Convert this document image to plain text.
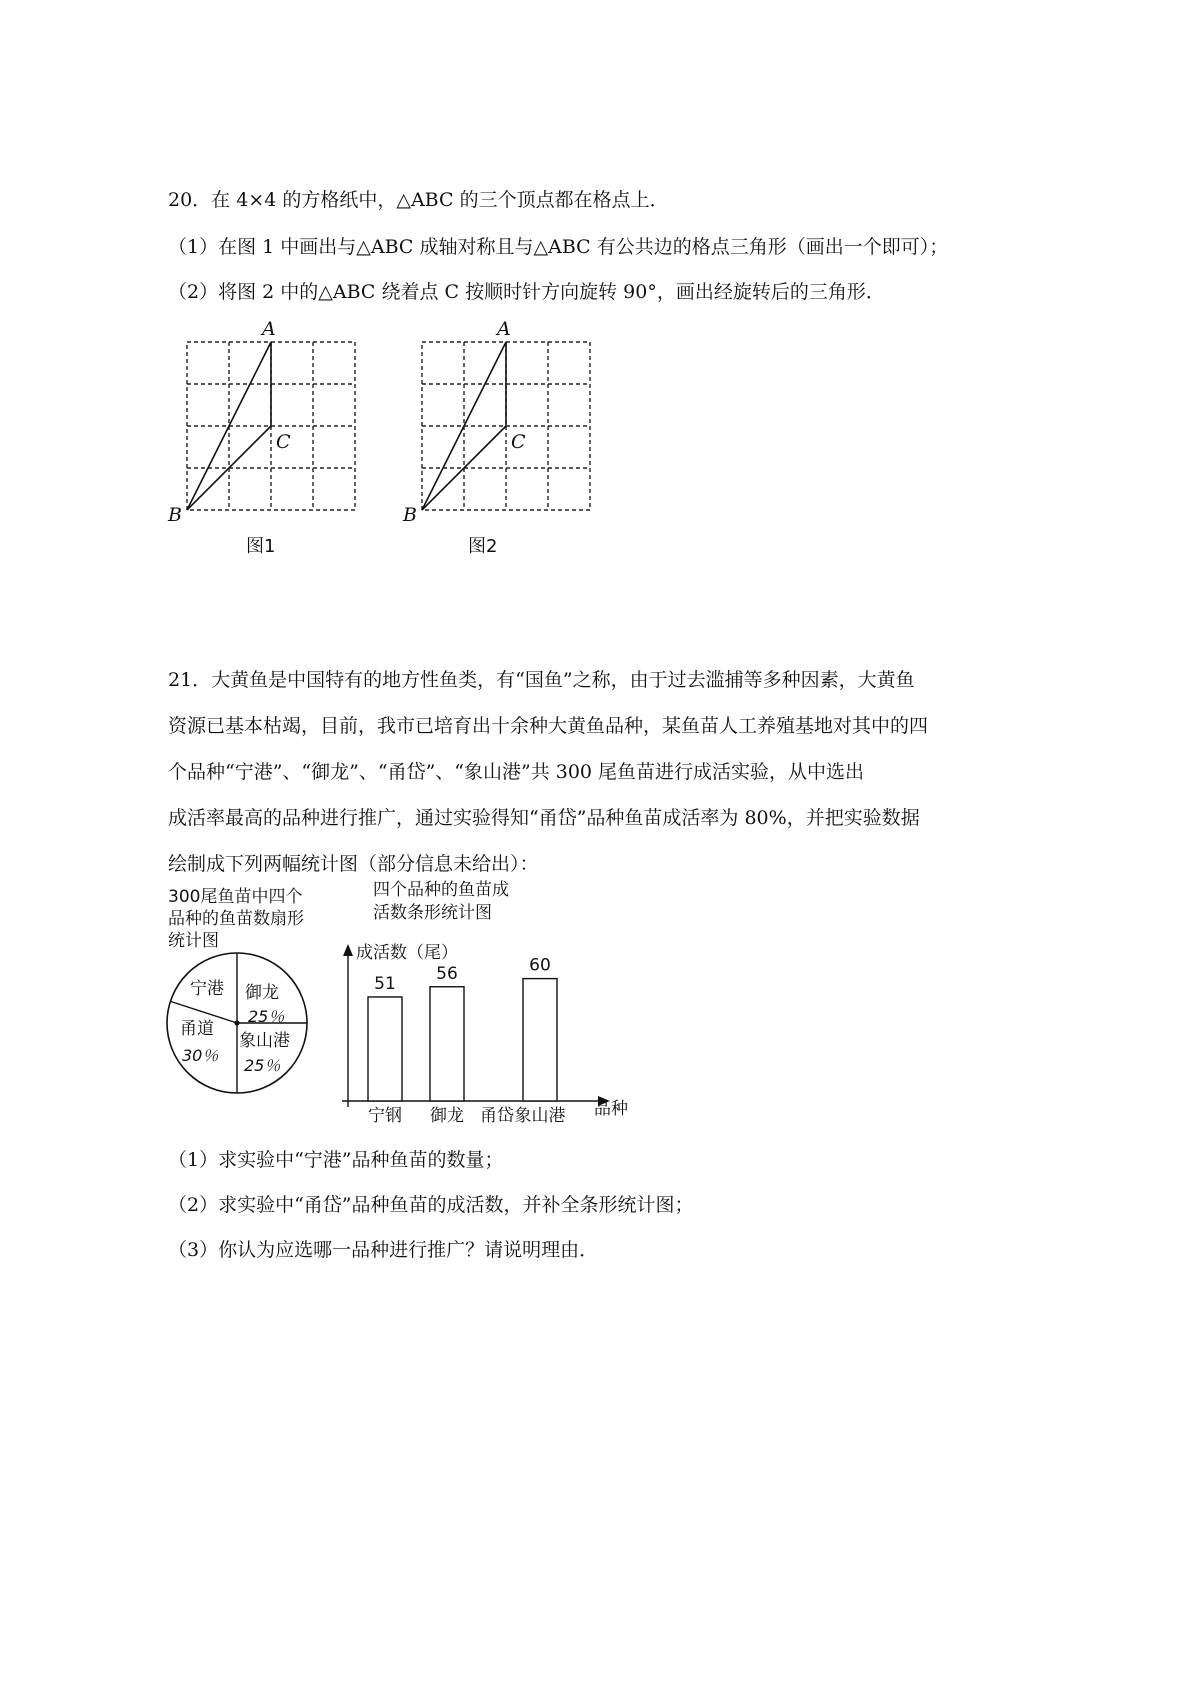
20．在 4×4 的方格纸中，△ABC 的三个顶点都在格点上．
（1）在图 1 中画出与△ABC 成轴对称且与△ABC 有公共边的格点三角形（画出一个即可）；
（2）将图 2 中的△ABC 绕着点 C 按顺时针方向旋转 90°，画出经旋转后的三角形．
A
B
C
图1
A
B
C
图2
21．大黄鱼是中国特有的地方性鱼类，有“国鱼”之称，由于过去滥捕等多种因素，大黄鱼
资源已基本枯竭，目前，我市已培育出十余种大黄鱼品种，某鱼苗人工养殖基地对其中的四
个品种“宁港”、“御龙”、“甬岱”、“象山港”共 300 尾鱼苗进行成活实验，从中选出
成活率最高的品种进行推广，通过实验得知“甬岱”品种鱼苗成活率为 80%，并把实验数据
绘制成下列两幅统计图（部分信息未给出）：
300尾鱼苗中四个
品种的鱼苗数扇形
统计图
宁港 御龙
25％
象山港
25％
甬道
30％
四个品种的鱼苗成
活数条形统计图
成活数（尾）
51
宁钢
56
御龙 甬岱
60
象山港 品种
（1）求实验中“宁港”品种鱼苗的数量；
（2）求实验中“甬岱”品种鱼苗的成活数，并补全条形统计图；
（3）你认为应选哪一品种进行推广？请说明理由．
